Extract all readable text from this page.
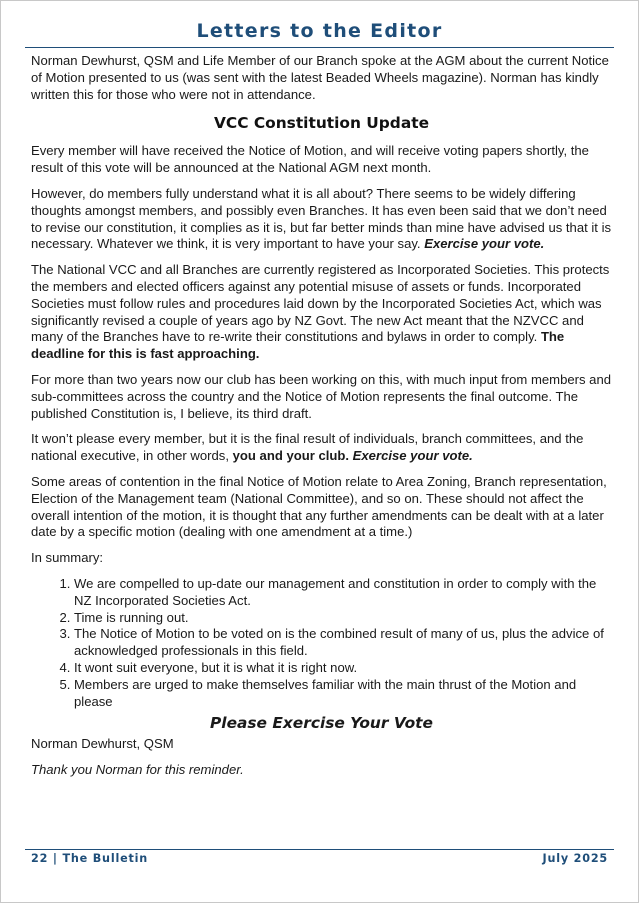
Letters to the Editor

Norman Dewhurst, QSM and Life Member of our Branch spoke at the AGM about the current Notice of Motion presented to us (was sent with the latest Beaded Wheels magazine). Norman has kindly written this for those who were not in attendance.

VCC Constitution Update

Every member will have received the Notice of Motion, and will receive voting papers shortly, the result of this vote will be announced at the National AGM next month.

However, do members fully understand what it is all about? There seems to be widely differing thoughts amongst members, and possibly even Branches. It has even been said that we don’t need to revise our constitution, it complies as it is, but far better minds than mine have advised us that it is necessary. Whatever we think, it is very important to have your say. Exercise your vote.

The National VCC and all Branches are currently registered as Incorporated Societies. This protects the members and elected officers against any potential misuse of assets or funds. Incorporated Societies must follow rules and procedures laid down by the Incorporated Societies Act, which was significantly revised a couple of years ago by NZ Govt. The new Act meant that the NZVCC and many of the Branches have to re-write their constitutions and bylaws in order to comply. The deadline for this is fast approaching.

For more than two years now our club has been working on this, with much input from members and sub-committees across the country and the Notice of Motion represents the final outcome. The published Constitution is, I believe, its third draft.

It won’t please every member, but it is the final result of individuals, branch committees, and the national executive, in other words, you and your club. Exercise your vote.

Some areas of contention in the final Notice of Motion relate to Area Zoning, Branch representation, Election of the Management team (National Committee), and so on. These should not affect the overall intention of the motion, it is thought that any further amendments can be dealt with at a later date by a specific motion (dealing with one amendment at a time.)

In summary:

1. We are compelled to up-date our management and constitution in order to comply with the NZ Incorporated Societies Act.
2. Time is running out.
3. The Notice of Motion to be voted on is the combined result of many of us, plus the advice of acknowledged professionals in this field.
4. It wont suit everyone, but it is what it is right now.
5. Members are urged to make themselves familiar with the main thrust of the Motion and please
Please Exercise Your Vote

Norman Dewhurst, QSM

Thank you Norman for this reminder.

22 | The Bulletin	July 2025
